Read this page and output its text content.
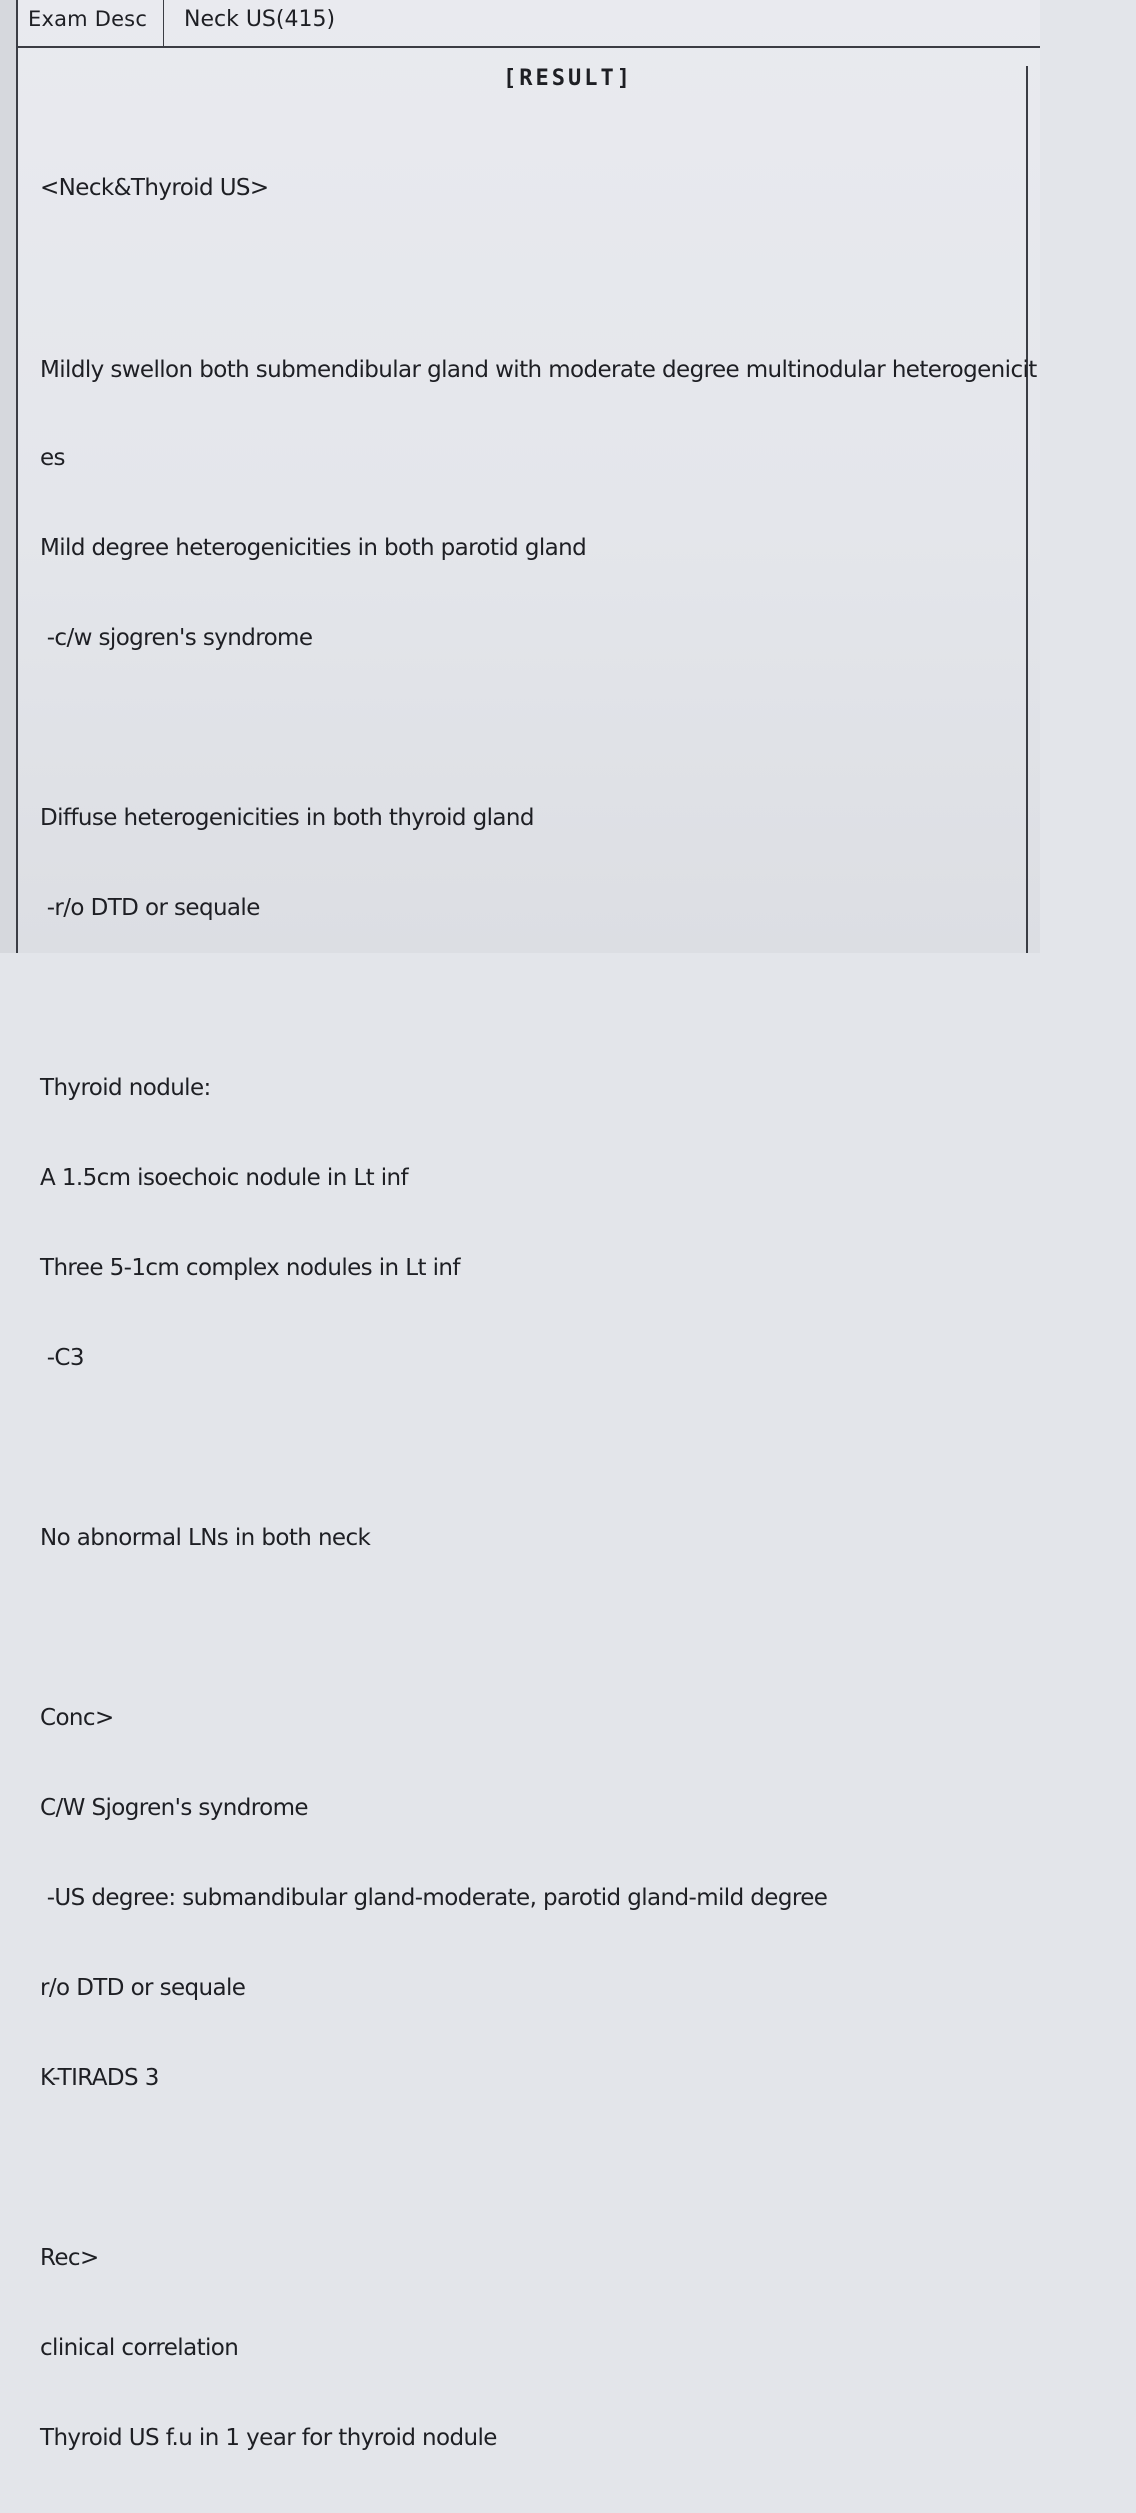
Exam Desc	Neck US(415)
[RESULT]

<Neck&Thyroid US>

Mildly swellon both submendibular gland with moderate degree multinodular heterogenicit

es

Mild degree heterogenicities in both parotid gland

-c/w sjogren's syndrome

Diffuse heterogenicities in both thyroid gland

-r/o DTD or sequale

Thyroid nodule:

A 1.5cm isoechoic nodule in Lt inf

Three 5-1cm complex nodules in Lt inf

-C3

No abnormal LNs in both neck

Conc>

C/W Sjogren's syndrome

-US degree: submandibular gland-moderate, parotid gland-mild degree

r/o DTD or sequale

K-TIRADS 3

Rec>

clinical correlation

Thyroid US f.u in 1 year for thyroid nodule
